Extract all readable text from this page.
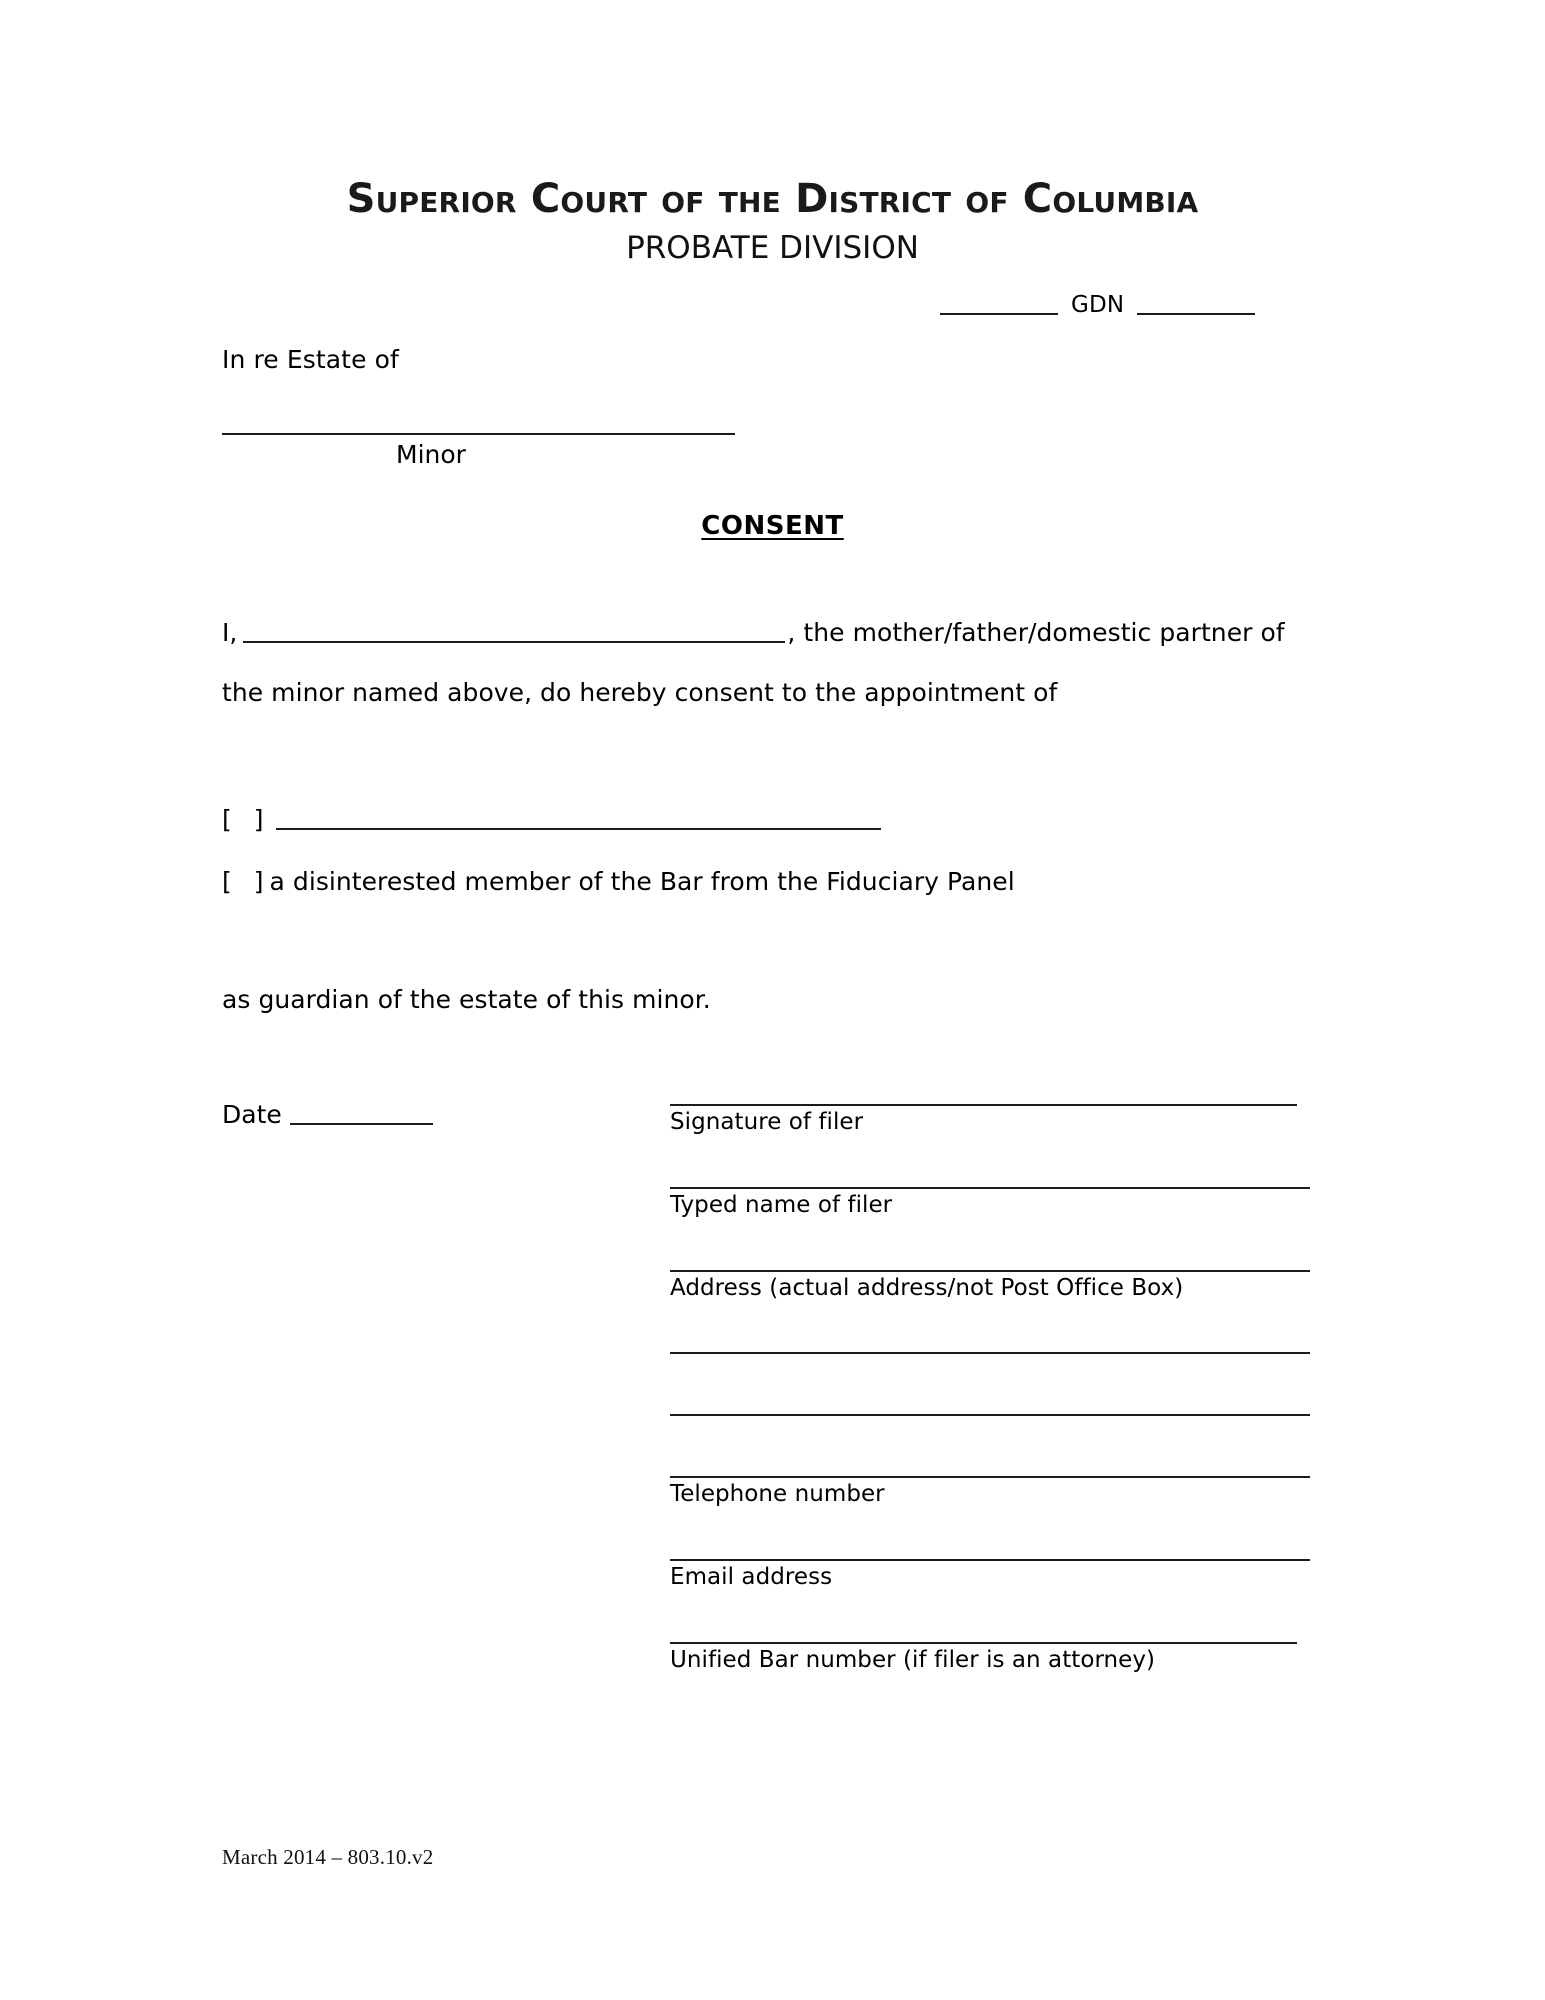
Superior Court of the District of Columbia
PROBATE DIVISION
GDN
In re Estate of
Minor
CONSENT
I,	, the mother/father/domestic partner of
the minor named above, do hereby consent to the appointment of
[ ]
[ ] a disinterested member of the Bar from the Fiduciary Panel
as guardian of the estate of this minor.
Date	Signature of filer
Typed name of filer
Address (actual address/not Post Office Box)
Telephone number
Email address
Unified Bar number (if filer is an attorney)
March 2014 – 803.10.v2
